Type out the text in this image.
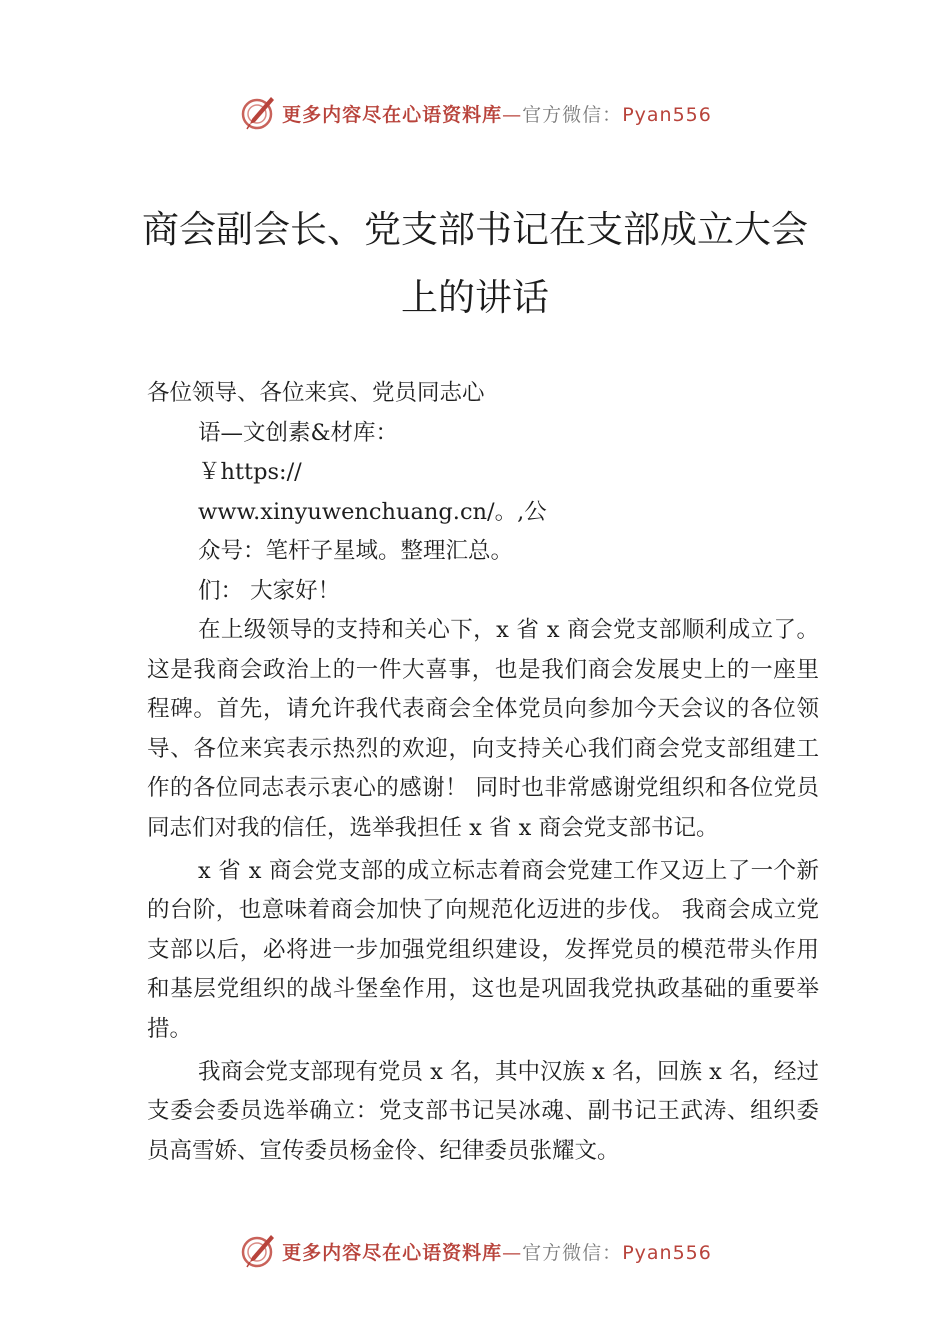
更多内容尽在心语资料库—官方微信：Pyan556
商会副会长、党支部书记在支部成立大会上的讲话
各位领导、各位来宾、党员同志心
语—文创素&材库：
￥https://
www.xinyuwenchuang.cn/。,公
众号：笔杆子星域。整理汇总。
们： 大家好！

在上级领导的支持和关心下，x 省 x 商会党支部顺利成立了。这是我商会政治上的一件大喜事，也是我们商会发展史上的一座里程碑。首先，请允许我代表商会全体党员向参加今天会议的各位领导、各位来宾表示热烈的欢迎，向支持关心我们商会党支部组建工作的各位同志表示衷心的感谢！ 同时也非常感谢党组织和各位党员同志们对我的信任，选举我担任 x 省 x 商会党支部书记。

x 省 x 商会党支部的成立标志着商会党建工作又迈上了一个新的台阶，也意味着商会加快了向规范化迈进的步伐。 我商会成立党支部以后，必将进一步加强党组织建设，发挥党员的模范带头作用和基层党组织的战斗堡垒作用，这也是巩固我党执政基础的重要举措。

我商会党支部现有党员 x 名，其中汉族 x 名，回族 x 名，经过支委会委员选举确立：党支部书记吴冰魂、副书记王武涛、组织委员高雪娇、宣传委员杨金伶、纪律委员张耀文。

更多内容尽在心语资料库—官方微信：Pyan556
